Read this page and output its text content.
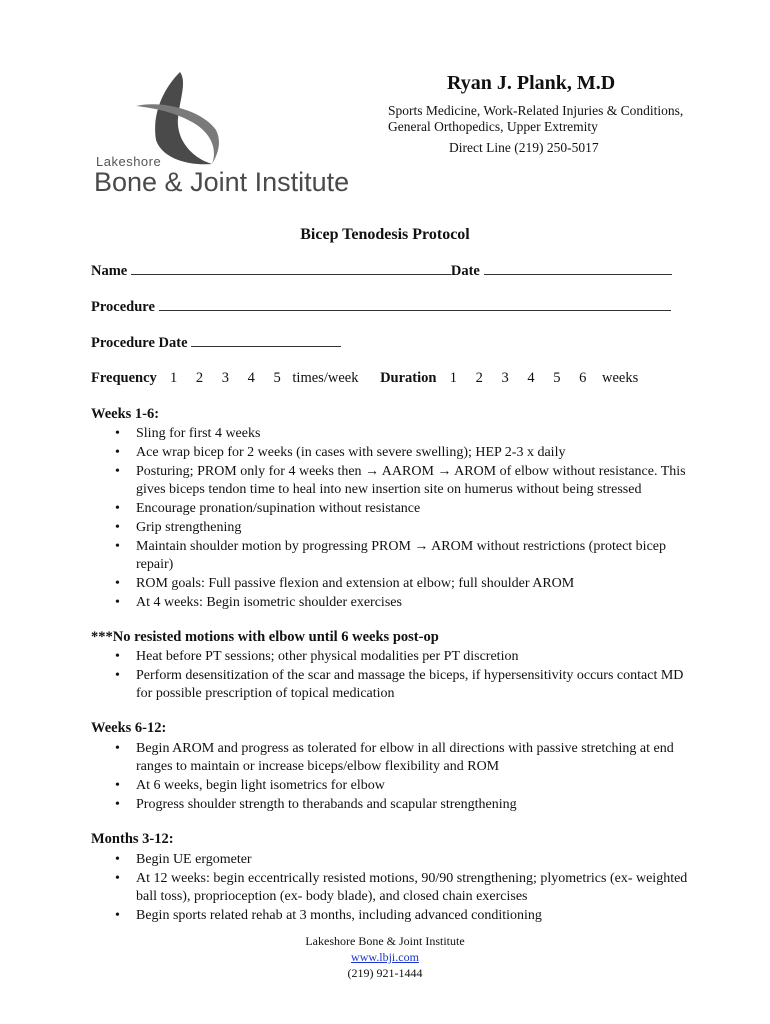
Lakeshore
Bone & Joint Institute
Ryan J. Plank, M.D
Sports Medicine, Work-Related Injuries & Conditions,
General Orthopedics, Upper Extremity
Direct Line (219) 250-5017
Bicep Tenodesis Protocol
Name	Date
Procedure
Procedure Date
Frequency 1 2 3 4 5 times/week Duration 1 2 3 4 5 6 weeks
Weeks 1-6:
• Sling for first 4 weeks
• Ace wrap bicep for 2 weeks (in cases with severe swelling); HEP 2-3 x daily
• Posturing; PROM only for 4 weeks then → AAROM → AROM of elbow without resistance. This gives biceps tendon time to heal into new insertion site on humerus without being stressed
• Encourage pronation/supination without resistance
• Grip strengthening
• Maintain shoulder motion by progressing PROM → AROM without restrictions (protect bicep repair)
• ROM goals: Full passive flexion and extension at elbow; full shoulder AROM
• At 4 weeks: Begin isometric shoulder exercises
***No resisted motions with elbow until 6 weeks post-op
• Heat before PT sessions; other physical modalities per PT discretion
• Perform desensitization of the scar and massage the biceps, if hypersensitivity occurs contact MD for possible prescription of topical medication
Weeks 6-12:
• Begin AROM and progress as tolerated for elbow in all directions with passive stretching at end ranges to maintain or increase biceps/elbow flexibility and ROM
• At 6 weeks, begin light isometrics for elbow
• Progress shoulder strength to therabands and scapular strengthening
Months 3-12:
• Begin UE ergometer
• At 12 weeks: begin eccentrically resisted motions, 90/90 strengthening; plyometrics (ex- weighted ball toss), proprioception (ex- body blade), and closed chain exercises
• Begin sports related rehab at 3 months, including advanced conditioning
Lakeshore Bone & Joint Institute
www.lbji.com
(219) 921-1444
